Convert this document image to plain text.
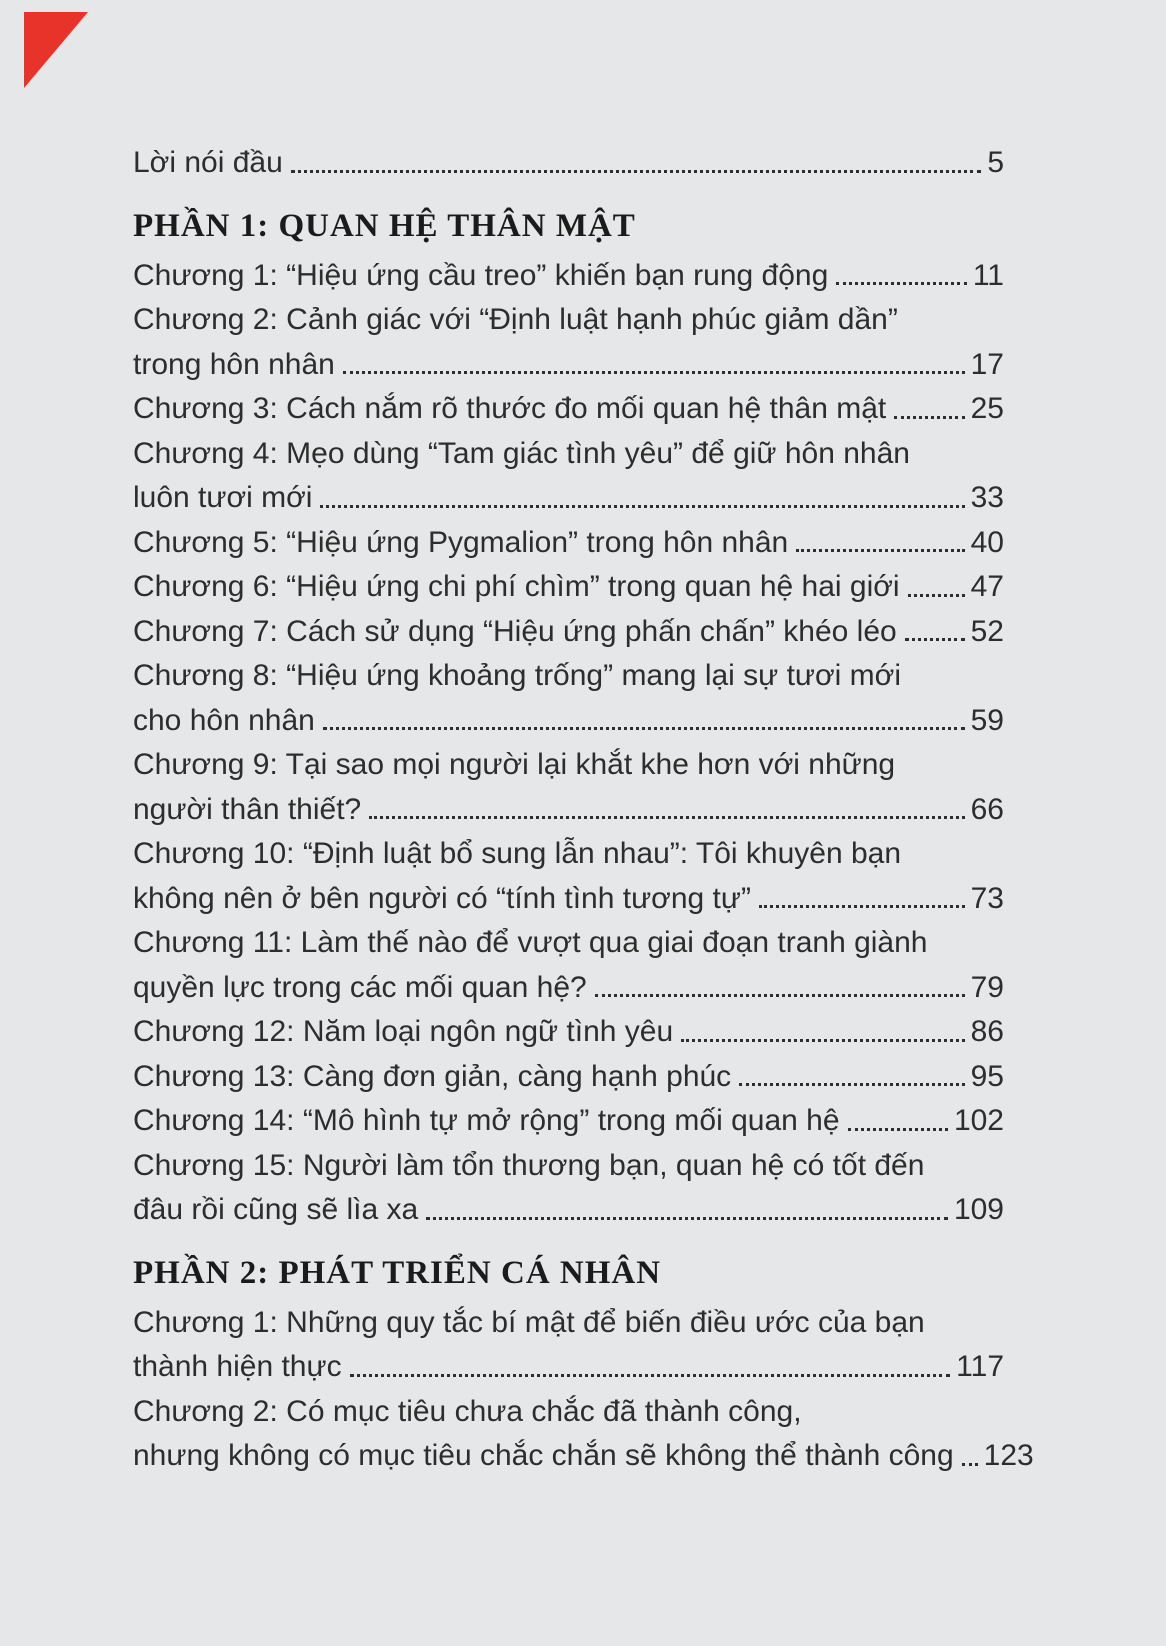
Lời nói đầu	5
PHẦN 1: QUAN HỆ THÂN MẬT
Chương 1: “Hiệu ứng cầu treo” khiến bạn rung động	11
Chương 2: Cảnh giác với “Định luật hạnh phúc giảm dần”
trong hôn nhân	17
Chương 3: Cách nắm rõ thước đo mối quan hệ thân mật	25
Chương 4: Mẹo dùng “Tam giác tình yêu” để giữ hôn nhân
luôn tươi mới	33
Chương 5: “Hiệu ứng Pygmalion” trong hôn nhân	40
Chương 6: “Hiệu ứng chi phí chìm” trong quan hệ hai giới 47
Chương 7: Cách sử dụng “Hiệu ứng phấn chấn” khéo léo 52
Chương 8: “Hiệu ứng khoảng trống” mang lại sự tươi mới
cho hôn nhân	59
Chương 9: Tại sao mọi người lại khắt khe hơn với những
người thân thiết?	66
Chương 10: “Định luật bổ sung lẫn nhau”: Tôi khuyên bạn
không nên ở bên người có “tính tình tương tự”	73
Chương 11: Làm thế nào để vượt qua giai đoạn tranh giành
quyền lực trong các mối quan hệ?	79
Chương 12: Năm loại ngôn ngữ tình yêu	86
Chương 13: Càng đơn giản, càng hạnh phúc	95
Chương 14: “Mô hình tự mở rộng” trong mối quan hệ	102
Chương 15: Người làm tổn thương bạn, quan hệ có tốt đến
đâu rồi cũng sẽ lìa xa	109
PHẦN 2: PHÁT TRIỂN CÁ NHÂN
Chương 1: Những quy tắc bí mật để biến điều ước của bạn
thành hiện thực	117
Chương 2: Có mục tiêu chưa chắc đã thành công,
nhưng không có mục tiêu chắc chắn sẽ không thể thành công 123
